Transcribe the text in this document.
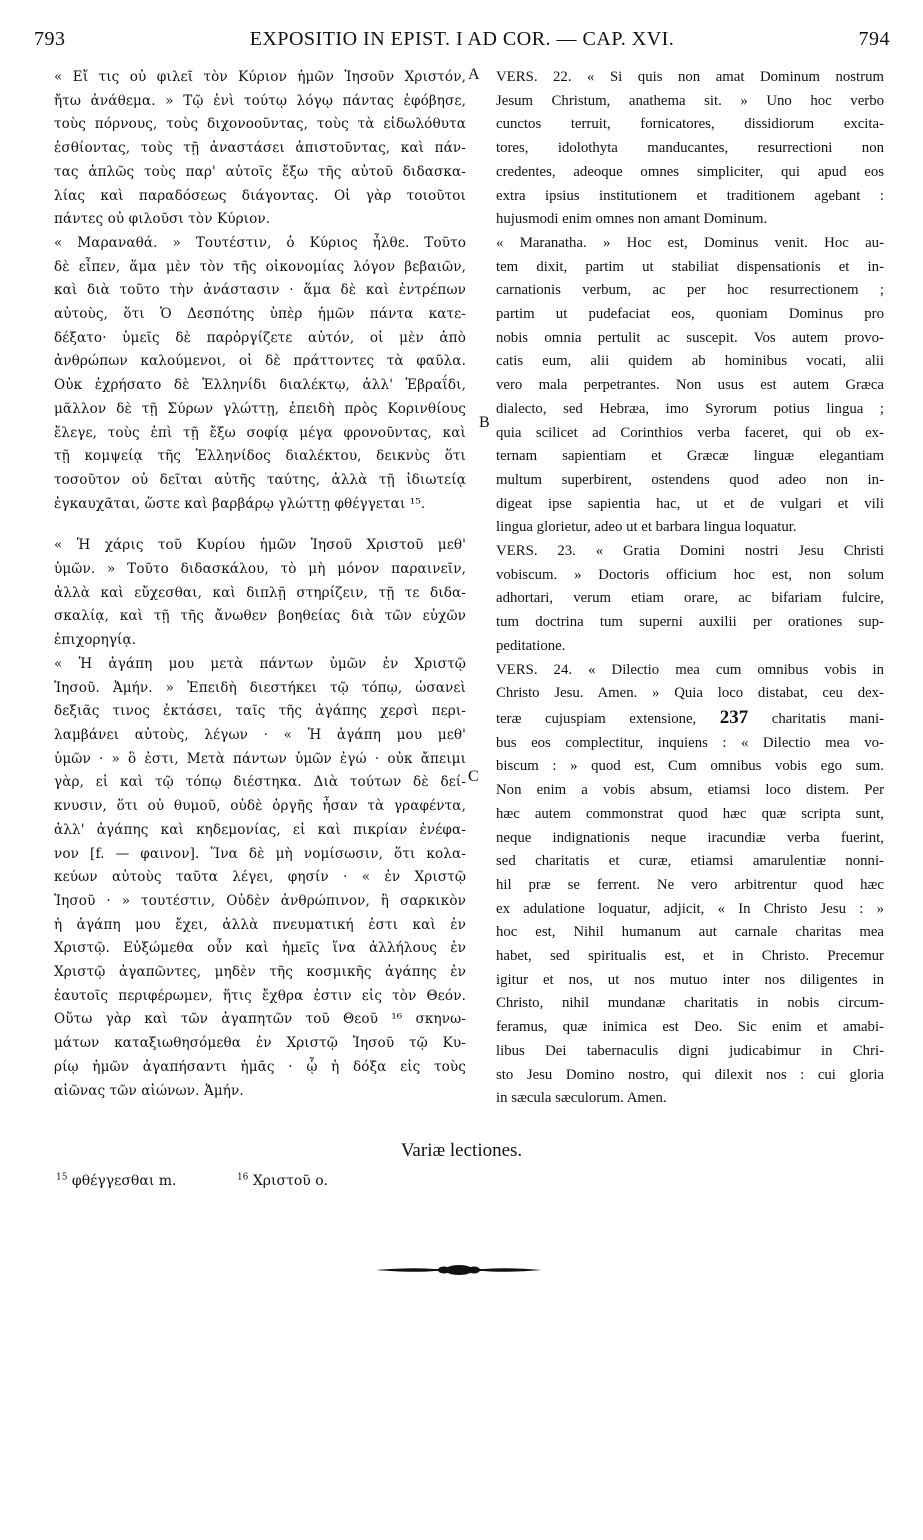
793	EXPOSITIO IN EPIST. I AD COR. — CAP. XVI.	794
« Εἴ τις οὐ φιλεῖ τὸν Κύριον ἡμῶν Ἰησοῦν Χριστόν,
ἤτω ἀνάθεμα. » Τῷ ἑνὶ τούτῳ λόγῳ πάντας ἐφόβησε,
τοὺς πόρνους, τοὺς διχονοοῦντας, τοὺς τὰ εἰδωλόθυτα
ἐσθίοντας, τοὺς τῇ ἀναστάσει ἀπιστοῦντας, καὶ πάν-
τας ἁπλῶς τοὺς παρ' αὐτοῖς ἔξω τῆς αὐτοῦ διδασκα-
λίας καὶ παραδόσεως διάγοντας. Οἱ γὰρ τοιοῦτοι
πάντες οὐ φιλοῦσι τὸν Κύριον.
« Μαραναθά. » Τουτέστιν, ὁ Κύριος ἦλθε. Τοῦτο
δὲ εἶπεν, ἅμα μὲν τὸν τῆς οἰκονομίας λόγον βεβαιῶν,
καὶ διὰ τοῦτο τὴν ἀνάστασιν · ἅμα δὲ καὶ ἐντρέπων
αὐτοὺς, ὅτι Ὁ Δεσπότης ὑπὲρ ἡμῶν πάντα κατε-
δέξατο· ὑμεῖς δὲ παρὀργίζετε αὐτόν, οἱ μὲν ἀπὸ
ἀνθρώπων καλούμενοι, οἱ δὲ πράττοντες τὰ φαῦλα.
Οὐκ ἐχρήσατο δὲ Ἑλληνίδι διαλέκτῳ, ἀλλ' Ἑβραΐδι,
μᾶλλον δὲ τῇ Σύρων γλώττῃ, ἐπειδὴ πρὸς Κορινθίους
ἔλεγε, τοὺς ἐπὶ τῇ ἔξω σοφίᾳ μέγα φρονοῦντας, καὶ
τῇ κομψείᾳ τῆς Ἑλληνίδος διαλέκτου, δεικνὺς ὅτι
τοσοῦτον οὐ δεῖται αὐτῆς ταύτης, ἀλλὰ τῇ ἰδιωτείᾳ
ἐγκαυχᾶται, ὥστε καὶ βαρβάρῳ γλώττῃ φθέγγεται ¹⁵.
« Ἡ χάρις τοῦ Κυρίου ἡμῶν Ἰησοῦ Χριστοῦ μεθ'
ὑμῶν. » Τοῦτο διδασκάλου, τὸ μὴ μόνον παραινεῖν,
ἀλλὰ καὶ εὔχεσθαι, καὶ διπλῇ στηρίζειν, τῇ τε διδα-
σκαλίᾳ, καὶ τῇ τῆς ἄνωθεν βοηθείας διὰ τῶν εὐχῶν
ἐπιχορηγίᾳ.
« Ἡ ἀγάπη μου μετὰ πάντων ὑμῶν ἐν Χριστῷ
Ἰησοῦ. Ἀμήν. » Ἐπειδὴ διεστήκει τῷ τόπῳ, ὡσανεὶ
δεξιᾶς τινος ἐκτάσει, ταῖς τῆς ἀγάπης χερσὶ περι-
λαμβάνει αὐτοὺς, λέγων · « Ἡ ἀγάπη μου μεθ'
ὑμῶν · » ὃ ἐστι, Μετὰ πάντων ὑμῶν ἐγώ · οὐκ ἄπειμι
γὰρ, εἰ καὶ τῷ τόπῳ διέστηκα. Διὰ τούτων δὲ δεί-
κνυσιν, ὅτι οὐ θυμοῦ, οὐδὲ ὀργῆς ἦσαν τὰ γραφέντα,
ἀλλ' ἀγάπης καὶ κηδεμονίας, εἰ καὶ πικρίαν ἐνέφα-
νον [f. — φαινον]. Ἵνα δὲ μὴ νομίσωσιν, ὅτι κολα-
κεύων αὐτοὺς ταῦτα λέγει, φησίν · « ἐν Χριστῷ
Ἰησοῦ · » τουτέστιν, Οὐδὲν ἀνθρώπινον, ἢ σαρκικὸν
ἡ ἀγάπη μου ἔχει, ἀλλὰ πνευματική ἐστι καὶ ἐν
Χριστῷ. Εὐξώμεθα οὖν καὶ ἡμεῖς ἵνα ἀλλήλους ἐν
Χριστῷ ἀγαπῶντες, μηδὲν τῆς κοσμικῆς ἀγάπης ἐν
ἑαυτοῖς περιφέρωμεν, ἥτις ἔχθρα ἐστιν εἰς τὸν Θεόν.
Οὕτω γὰρ καὶ τῶν ἀγαπητῶν τοῦ Θεοῦ ¹⁶ σκηνω-
μάτων καταξιωθησόμεθα ἐν Χριστῷ Ἰησοῦ τῷ Κυ-
ρίῳ ἡμῶν ἀγαπήσαντι ἡμᾶς · ᾧ ἡ δόξα εἰς τοὺς
αἰῶνας τῶν αἰώνων. Ἀμήν.
A
B
C
VERS. 22. « Si quis non amat Dominum nostrum
Jesum Christum, anathema sit. » Uno hoc verbo
cunctos terruit, fornicatores, dissidiorum excita-
tores, idolothyta manducantes, resurrectioni non
credentes, adeoque omnes simpliciter, qui apud eos
extra ipsius institutionem et traditionem agebant :
hujusmodi enim omnes non amant Dominum.
« Maranatha. » Hoc est, Dominus venit. Hoc au-
tem dixit, partim ut stabiliat dispensationis et in-
carnationis verbum, ac per hoc resurrectionem ;
partim ut pudefaciat eos, quoniam Dominus pro
nobis omnia pertulit ac suscepit. Vos autem provo-
catis eum, alii quidem ab hominibus vocati, alii
vero mala perpetrantes. Non usus est autem Græca
dialecto, sed Hebræa, imo Syrorum potius lingua ;
quia scilicet ad Corinthios verba faceret, qui ob ex-
ternam sapientiam et Græcæ linguæ elegantiam
multum superbirent, ostendens quod adeo non in-
digeat ipse sapientia hac, ut et de vulgari et vili
lingua glorietur, adeo ut et barbara lingua loquatur.
VERS. 23. « Gratia Domini nostri Jesu Christi
vobiscum. » Doctoris officium hoc est, non solum
adhortari, verum etiam orare, ac bifariam fulcire,
tum doctrina tum superni auxilii per orationes sup-
peditatione.
VERS. 24. « Dilectio mea cum omnibus vobis in
Christo Jesu. Amen. » Quia loco distabat, ceu dex-
teræ cujuspiam extensione, 237 charitatis mani-
bus eos complectitur, inquiens : « Dilectio mea vo-
biscum : » quod est, Cum omnibus vobis ego sum.
Non enim a vobis absum, etiamsi loco distem. Per
hæc autem commonstrat quod hæc quæ scripta sunt,
neque indignationis neque iracundiæ verba fuerint,
sed charitatis et curæ, etiamsi amarulentiæ nonni-
hil præ se ferrent. Ne vero arbitrentur quod hæc
ex adulatione loquatur, adjicit, « In Christo Jesu : »
hoc est, Nihil humanum aut carnale charitas mea
habet, sed spiritualis est, et in Christo. Precemur
igitur et nos, ut nos mutuo inter nos diligentes in
Christo, nihil mundanæ charitatis in nobis circum-
feramus, quæ inimica est Deo. Sic enim et amabi-
libus Dei tabernaculis digni judicabimur in Chri-
sto Jesu Domino nostro, qui dilexit nos : cui gloria
in sæcula sæculorum. Amen.
Variæ lectiones.
$^{15}$ φθέγγεσθαι m.	$^{16}$ Χριστοῦ ο.
